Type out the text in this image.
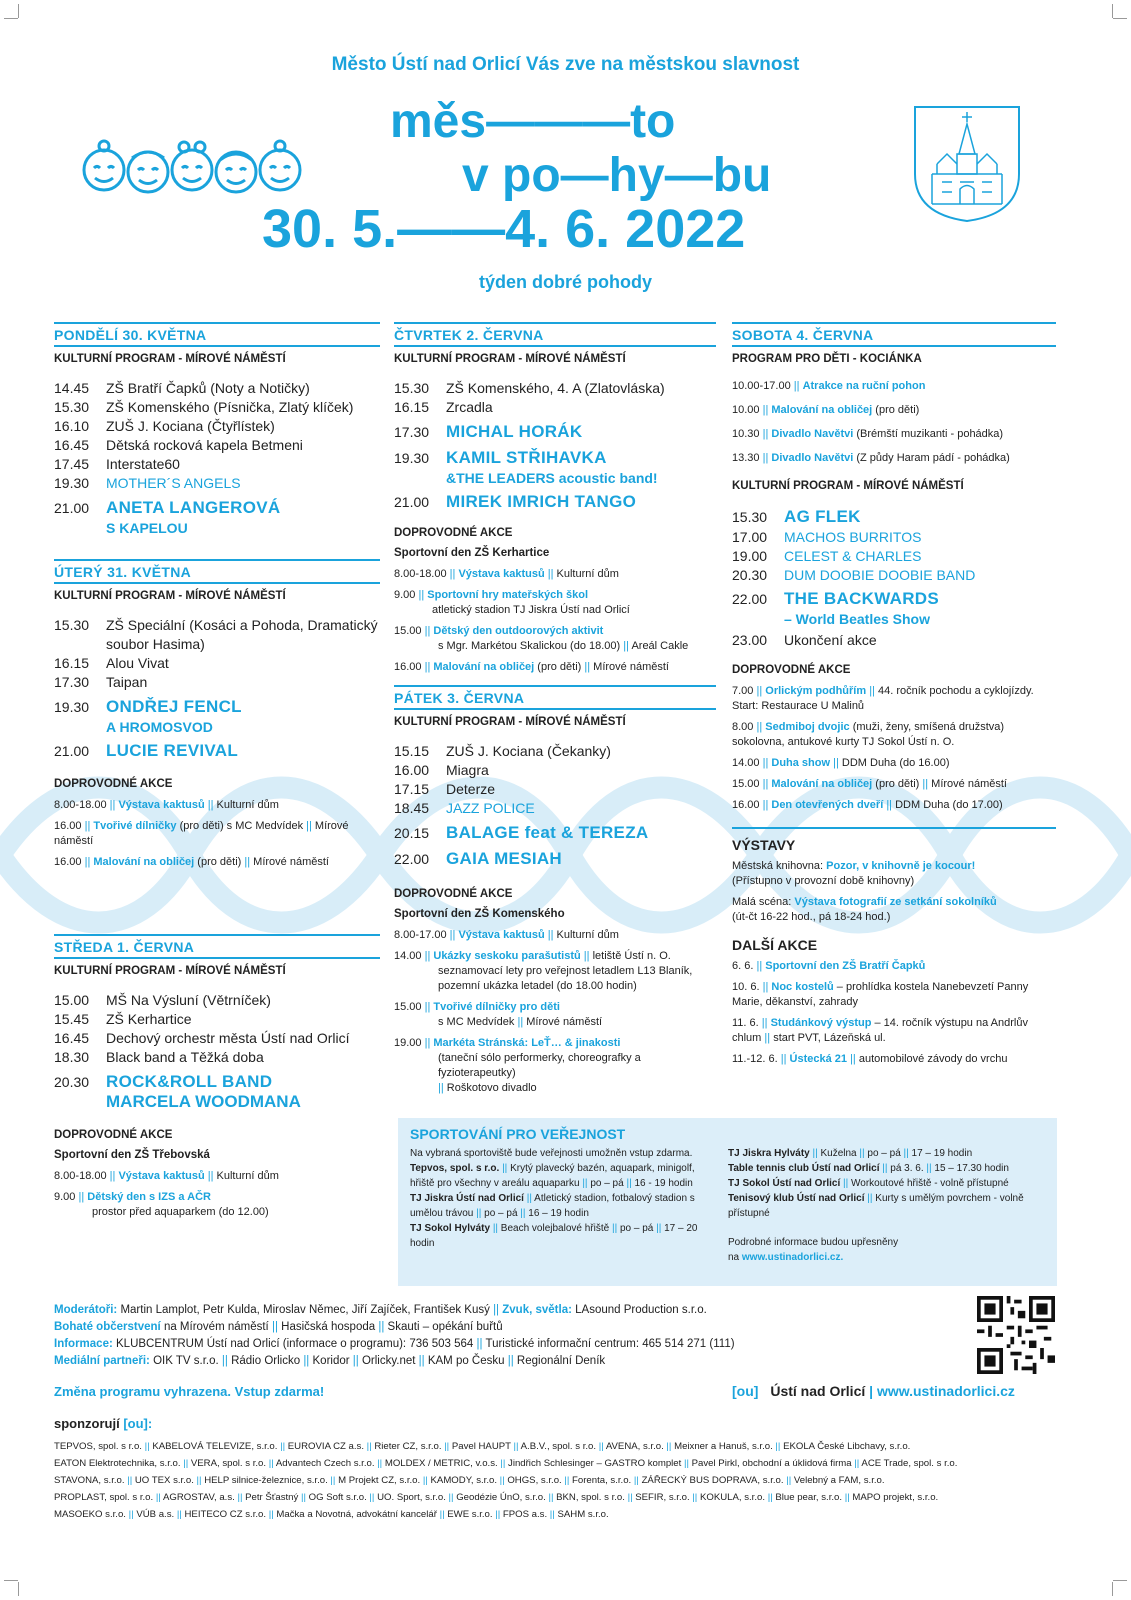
Město Ústí nad Orlicí Vás zve na městskou slavnost
měs———to
v po—hy—bu
30. 5.——4. 6. 2022
týden dobré pohody
PONDĚLÍ 30. KVĚTNA
KULTURNÍ PROGRAM - MÍROVÉ NÁMĚSTÍ
14.45	ZŠ Bratří Čapků (Noty a Notičky)
15.30	ZŠ Komenského (Písnička, Zlatý klíček)
16.10	ZUŠ J. Kociana (Čtyřlístek)
16.45	Dětská rocková kapela Betmeni
17.45	Interstate60
19.30	MOTHER´S ANGELS
21.00 ANETA LANGEROVÁ
S KAPELOU
ÚTERÝ 31. KVĚTNA
KULTURNÍ PROGRAM - MÍROVÉ NÁMĚSTÍ
15.30	ZŠ Speciální (Kosáci a Pohoda, Dramatický soubor Hasima)
16.15	Alou Vivat
17.30	Taipan
19.30 ONDŘEJ FENCL
A HROMOSVOD
21.00 LUCIE REVIVAL
DOPROVODNÉ AKCE
8.00-18.00 || Výstava kaktusů || Kulturní dům
16.00 || Tvořivé dílničky (pro děti) s MC Medvídek || Mírové náměstí
16.00 || Malování na obličej (pro děti) || Mírové náměstí
STŘEDA 1. ČERVNA
KULTURNÍ PROGRAM - MÍROVÉ NÁMĚSTÍ
15.00	MŠ Na Výsluní (Větrníček)
15.45	ZŠ Kerhartice
16.45	Dechový orchestr města Ústí nad Orlicí
18.30	Black band a Těžká doba
20.30 ROCK&ROLL BAND
MARCELA WOODMANA
DOPROVODNÉ AKCE
Sportovní den ZŠ Třebovská
8.00-18.00 || Výstava kaktusů || Kulturní dům
9.00 || Dětský den s IZS a AČR
prostor před aquaparkem (do 12.00)
ČTVRTEK 2. ČERVNA
KULTURNÍ PROGRAM - MÍROVÉ NÁMĚSTÍ
15.30	ZŠ Komenského, 4. A (Zlatovláska)
16.15	Zrcadla
17.30 MICHAL HORÁK
19.30 KAMIL STŘIHAVKA
&THE LEADERS acoustic band!
21.00 MIREK IMRICH TANGO
DOPROVODNÉ AKCE
Sportovní den ZŠ Kerhartice
8.00-18.00 || Výstava kaktusů || Kulturní dům
9.00 || Sportovní hry mateřských škol
atletický stadion TJ Jiskra Ústí nad Orlicí
15.00 || Dětský den outdoorových aktivit
s Mgr. Markétou Skalickou (do 18.00) || Areál Cakle
16.00 || Malování na obličej (pro děti) || Mírové náměstí
PÁTEK 3. ČERVNA
KULTURNÍ PROGRAM - MÍROVÉ NÁMĚSTÍ
15.15	ZUŠ J. Kociana (Čekanky)
16.00	Miagra
17.15	Deterze
18.45	JAZZ POLICE
20.15 BALAGE feat & TEREZA
22.00 GAIA MESIAH
DOPROVODNÉ AKCE
Sportovní den ZŠ Komenského
8.00-17.00 || Výstava kaktusů || Kulturní dům
14.00 || Ukázky seskoku parašutistů || letiště Ústí n. O.

seznamovací lety pro veřejnost letadlem L13 Blaník, pozemní ukázka letadel (do 18.00 hodin)
15.00 || Tvořivé dílničky pro děti
s MC Medvídek || Mírové náměstí
19.00 || Markéta Stránská: LeŤ… & jinakosti

(taneční sólo performerky, choreografky a fyzioterapeutky)
|| Roškotovo divadlo
SOBOTA 4. ČERVNA
PROGRAM PRO DĚTI - KOCIÁNKA
10.00-17.00 || Atrakce na ruční pohon
10.00 || Malování na obličej (pro děti)
10.30 || Divadlo Navětvi (Brémští muzikanti - pohádka)
13.30 || Divadlo Navětvi (Z půdy Haram pádí - pohádka)
KULTURNÍ PROGRAM - MÍROVÉ NÁMĚSTÍ
15.30 AG FLEK
17.00	MACHOS BURRITOS
19.00	CELEST & CHARLES
20.30	DUM DOOBIE DOOBIE BAND
22.00 THE BACKWARDS
– World Beatles Show
23.00	Ukončení akce
DOPROVODNÉ AKCE
7.00 || Orlickým podhůřím || 44. ročník pochodu a cyklojízdy. Start: Restaurace U Malinů
8.00 || Sedmiboj dvojic (muži, ženy, smíšená družstva) sokolovna, antukové kurty TJ Sokol Ústí n. O.
14.00 || Duha show || DDM Duha (do 16.00)
15.00 || Malování na obličej (pro děti) || Mírové náměstí
16.00 || Den otevřených dveří || DDM Duha (do 17.00)
VÝSTAVY
Městská knihovna: Pozor, v knihovně je kocour!
(Přístupno v provozní době knihovny)
Malá scéna: Výstava fotografií ze setkání sokolníků
(út-čt 16-22 hod., pá 18-24 hod.)
DALŠÍ AKCE
6. 6. || Sportovní den ZŠ Bratří Čapků
10. 6. || Noc kostelů – prohlídka kostela Nanebevzetí Panny Marie, děkanství, zahrady
11. 6. || Studánkový výstup – 14. ročník výstupu na Andrlův chlum || start PVT, Lázeňská ul.
11.-12. 6. || Ústecká 21 || automobilové závody do vrchu
SPORTOVÁNÍ PRO VEŘEJNOST
Na vybraná sportoviště bude veřejnosti umožněn vstup zdarma.
Tepvos, spol. s r.o. || Krytý plavecký bazén, aquapark, minigolf, hřiště pro všechny v areálu aquaparku || po – pá || 16 - 19 hodin
TJ Jiskra Ústí nad Orlicí || Atletický stadion, fotbalový stadion s umělou trávou || po – pá || 16 – 19 hodin
TJ Sokol Hylváty || Beach volejbalové hřiště || po – pá || 17 – 20 hodin
TJ Jiskra Hylváty || Kuželna || po – pá || 17 – 19 hodin
Table tennis club Ústí nad Orlicí || pá 3. 6. || 15 – 17.30 hodin
TJ Sokol Ústí nad Orlicí || Workoutové hřiště - volně přístupné
Tenisový klub Ústí nad Orlicí || Kurty s umělým povrchem - volně přístupné
Podrobné informace budou upřesněny
na www.ustinadorlici.cz.
Moderátoři: Martin Lamplot, Petr Kulda, Miroslav Němec, Jiří Zajíček, František Kusý || Zvuk, světla: LAsound Production s.r.o.
Bohaté občerstvení na Mírovém náměstí || Hasičská hospoda || Skauti – opékání buřtů
Informace: KLUBCENTRUM Ústí nad Orlicí (informace o programu): 736 503 564 || Turistické informační centrum: 465 514 271 (111)
Mediální partneři: OIK TV s.r.o. || Rádio Orlicko || Koridor || Orlicky.net || KAM po Česku || Regionální Deník
Změna programu vyhrazena. Vstup zdarma!	[ou] Ústí nad Orlicí | www.ustinadorlici.cz
sponzorují [ou]:
TEPVOS, spol. s r.o. || KABELOVÁ TELEVIZE, s.r.o. || EUROVIA CZ a.s. || Rieter CZ, s.r.o. || Pavel HAUPT || A.B.V., spol. s r.o. || AVENA, s.r.o. || Meixner a Hanuš, s.r.o. || EKOLA České Libchavy, s.r.o.
EATON Elektrotechnika, s.r.o. || VERA, spol. s r.o. || Advantech Czech s.r.o. || MOLDEX / METRIC, v.o.s. || Jindřich Schlesinger – GASTRO komplet || Pavel Pirkl, obchodní a úklidová firma || ACE Trade, spol. s r.o.
STAVONA, s.r.o. || UO TEX s.r.o. || HELP silnice-železnice, s.r.o. || M Projekt CZ, s.r.o. || KAMODY, s.r.o. || OHGS, s.r.o. || Forenta, s.r.o. || ZÁŘECKÝ BUS DOPRAVA, s.r.o. || Velebný a FAM, s.r.o.
PROPLAST, spol. s r.o. || AGROSTAV, a.s. || Petr Šťastný || OG Soft s.r.o. || UO. Sport, s.r.o. || Geodézie ÚnO, s.r.o. || BKN, spol. s r.o. || SEFIR, s.r.o. || KOKULA, s.r.o. || Blue pear, s.r.o. || MAPO projekt, s.r.o.
MASOEKO s.r.o. || VÚB a.s. || HEITECO CZ s.r.o. || Mačka a Novotná, advokátní kancelář || EWE s.r.o. || FPOS a.s. || SAHM s.r.o.
